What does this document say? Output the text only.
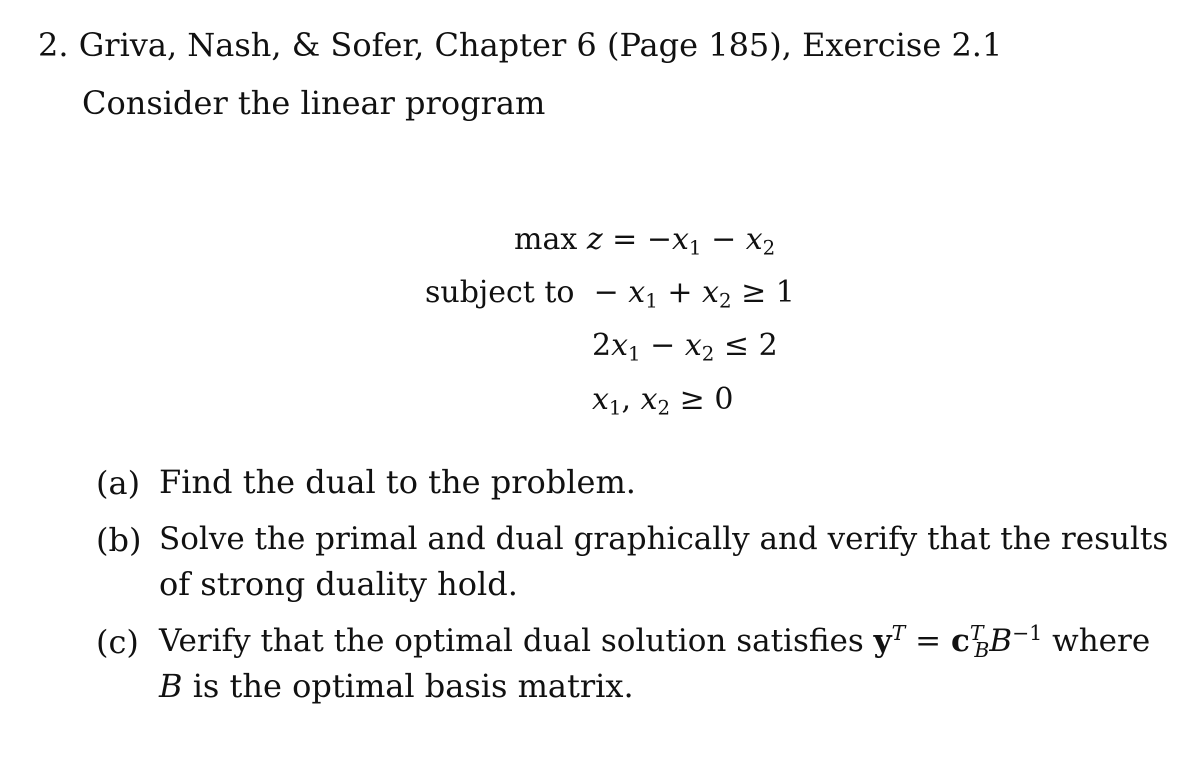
2. Griva, Nash, & Sofer, Chapter 6 (Page 185), Exercise 2.1
Consider the linear program
$\max z = -x_1 - x_2$
subject to − $x_1 + x_2 \ge 1$
$2x_1 - x_2 \le 2$
$x_1$, $x_2 \ge 0$
(a) Find the dual to the problem.
(b) Solve the primal and dual graphically and verify that the results
of strong duality hold.
(c) Verify that the optimal dual solution satisfies $y^T = c^T_BB^{-1}$ where
B is the optimal basis matrix.
